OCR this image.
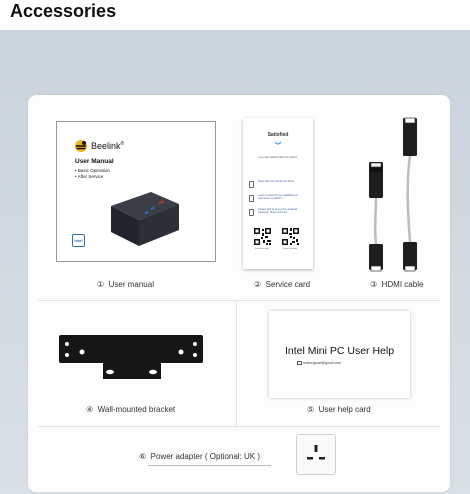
Accessories
Beelink®
User Manual
• Basic Operation
• After Service
intel
① User manual
Satisfied
If you are satisfied with our product,
Share with your friends and family
Leave a review for your satisfaction & experience on platform
Contact with us at any time via Email, Facebook, Skype and more
Scan the code	Scan the code
② Service card	③ HDMI cable
④ Wall-mounted bracket
Intel Mini PC User Help
nelsongmail@gmail.com
⑤ User help card
⑥ Power adapter ( Optional: UK )
